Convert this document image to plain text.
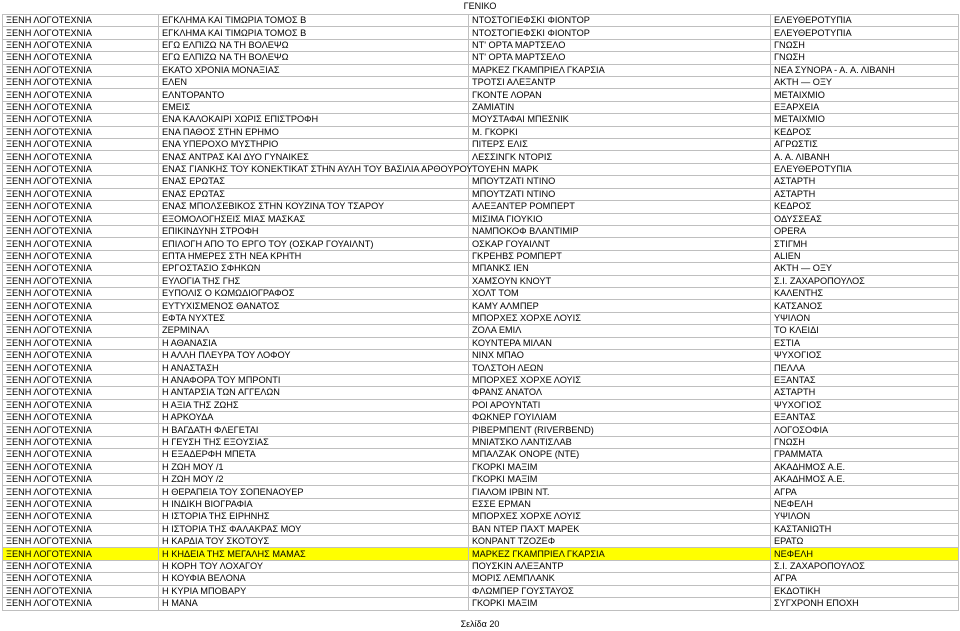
ΓΕΝΙΚΟ
ΞΕΝΗ ΛΟΓΟΤΕΧΝΙΑ	ΕΓΚΛΗΜΑ ΚΑΙ ΤΙΜΩΡΙΑ ΤΟΜΟΣ Β	ΝΤΟΣΤΟΓΙΕΦΣΚΙ ΦΙΟΝΤΟΡ	ΕΛΕΥΘΕΡΟΤΥΠΙΑ
ΞΕΝΗ ΛΟΓΟΤΕΧΝΙΑ	ΕΓΚΛΗΜΑ ΚΑΙ ΤΙΜΩΡΙΑ ΤΟΜΟΣ Β	ΝΤΟΣΤΟΓΙΕΦΣΚΙ ΦΙΟΝΤΟΡ	ΕΛΕΥΘΕΡΟΤΥΠΙΑ
ΞΕΝΗ ΛΟΓΟΤΕΧΝΙΑ	ΕΓΩ ΕΛΠΙΖΩ ΝΑ ΤΗ ΒΟΛΕΨΩ	ΝΤ' ΟΡΤΑ ΜΑΡΤΣΕΛΟ	ΓΝΩΣΗ
ΞΕΝΗ ΛΟΓΟΤΕΧΝΙΑ	ΕΓΩ ΕΛΠΙΖΩ ΝΑ ΤΗ ΒΟΛΕΨΩ	ΝΤ' ΟΡΤΑ ΜΑΡΤΣΕΛΟ	ΓΝΩΣΗ
ΞΕΝΗ ΛΟΓΟΤΕΧΝΙΑ	ΕΚΑΤΟ ΧΡΟΝΙΑ ΜΟΝΑΞΙΑΣ	ΜΑΡΚΕΖ ΓΚΑΜΠΡΙΕΛ ΓΚΑΡΣΙΑ	ΝΕΑ ΣΥΝΟΡΑ - Α. Α. ΛΙΒΑΝΗ
ΞΕΝΗ ΛΟΓΟΤΕΧΝΙΑ	ΕΛΕΝ	ΤΡΟΤΣΙ ΑΛΕΞΑΝΤΡ	ΑΚΤΗ — ΟΞΥ
ΞΕΝΗ ΛΟΓΟΤΕΧΝΙΑ	ΕΛΝΤΟΡΑΝΤΟ	ΓΚΟΝΤΕ ΛΟΡΑΝ	ΜΕΤΑΙΧΜΙΟ
ΞΕΝΗ ΛΟΓΟΤΕΧΝΙΑ	ΕΜΕΙΣ	ΖΑΜΙΑΤΙΝ	ΕΞΑΡΧΕΙΑ
ΞΕΝΗ ΛΟΓΟΤΕΧΝΙΑ	ΕΝΑ ΚΑΛΟΚΑΙΡΙ ΧΩΡΙΣ ΕΠΙΣΤΡΟΦΗ	ΜΟΥΣΤΑΦΑΙ ΜΠΕΣΝΙΚ	ΜΕΤΑΙΧΜΙΟ
ΞΕΝΗ ΛΟΓΟΤΕΧΝΙΑ	ΕΝΑ ΠΑΘΟΣ ΣΤΗΝ ΕΡΗΜΟ	Μ. ΓΚΟΡΚΙ	ΚΕΔΡΟΣ
ΞΕΝΗ ΛΟΓΟΤΕΧΝΙΑ	ΕΝΑ ΥΠΕΡΟΧΟ ΜΥΣΤΗΡΙΟ	ΠΙΤΕΡΣ ΕΛΙΣ	ΑΓΡΩΣΤΙΣ
ΞΕΝΗ ΛΟΓΟΤΕΧΝΙΑ	ΕΝΑΣ ΑΝΤΡΑΣ ΚΑΙ ΔΥΟ ΓΥΝΑΙΚΕΣ	ΛΕΣΣΙΝΓΚ ΝΤΟΡΙΣ	Α. Α. ΛΙΒΑΝΗ
ΞΕΝΗ ΛΟΓΟΤΕΧΝΙΑ	ΕΝΑΣ ΓΙΑΝΚΗΣ ΤΟΥ ΚΟΝΕΚΤΙΚΑΤ ΣΤΗΝ ΑΥΛΗ ΤΟΥ ΒΑΣΙΛΙΑ ΑΡΘΟΥΡΟΥ	ΤΟΥΕΗΝ ΜΑΡΚ	ΕΛΕΥΘΕΡΟΤΥΠΙΑ
ΞΕΝΗ ΛΟΓΟΤΕΧΝΙΑ	ΕΝΑΣ ΕΡΩΤΑΣ	ΜΠΟΥΤΖΑΤΙ ΝΤΙΝΟ	ΑΣΤΑΡΤΗ
ΞΕΝΗ ΛΟΓΟΤΕΧΝΙΑ	ΕΝΑΣ ΕΡΩΤΑΣ	ΜΠΟΥΤΖΑΤΙ ΝΤΙΝΟ	ΑΣΤΑΡΤΗ
ΞΕΝΗ ΛΟΓΟΤΕΧΝΙΑ	ΕΝΑΣ ΜΠΟΛΣΕΒΙΚΟΣ ΣΤΗΝ ΚΟΥΖΙΝΑ ΤΟΥ ΤΣΑΡΟΥ	ΑΛΕΞΑΝΤΕΡ ΡΟΜΠΕΡΤ	ΚΕΔΡΟΣ
ΞΕΝΗ ΛΟΓΟΤΕΧΝΙΑ	ΕΞΟΜΟΛΟΓΗΣΕΙΣ ΜΙΑΣ ΜΑΣΚΑΣ	ΜΙΣΙΜΑ ΓΙΟΥΚΙΟ	ΟΔΥΣΣΕΑΣ
ΞΕΝΗ ΛΟΓΟΤΕΧΝΙΑ	ΕΠΙΚΙΝΔΥΝΗ ΣΤΡΟΦΗ	ΝΑΜΠΟΚΟΦ ΒΛΑΝΤΙΜΙΡ	OPERA
ΞΕΝΗ ΛΟΓΟΤΕΧΝΙΑ	ΕΠΙΛΟΓΗ ΑΠΟ ΤΟ ΕΡΓΟ ΤΟΥ (ΟΣΚΑΡ ΓΟΥΑΙΛΝΤ)	ΟΣΚΑΡ ΓΟΥΑΙΛΝΤ	ΣΤΙΓΜΗ
ΞΕΝΗ ΛΟΓΟΤΕΧΝΙΑ	ΕΠΤΑ ΗΜΕΡΕΣ ΣΤΗ ΝΕΑ ΚΡΗΤΗ	ΓΚΡΕΗΒΣ ΡΟΜΠΕΡΤ	ALIEN
ΞΕΝΗ ΛΟΓΟΤΕΧΝΙΑ	ΕΡΓΟΣΤΑΣΙΟ ΣΦΗΚΩΝ	ΜΠΑΝΚΣ ΙΕΝ	ΑΚΤΗ — ΟΞΥ
ΞΕΝΗ ΛΟΓΟΤΕΧΝΙΑ	ΕΥΛΟΓΙΑ ΤΗΣ ΓΗΣ	ΧΑΜΣΟΥΝ ΚΝΟΥΤ	Σ.Ι. ΖΑΧΑΡΟΠΟΥΛΟΣ
ΞΕΝΗ ΛΟΓΟΤΕΧΝΙΑ	ΕΥΠΟΛΙΣ Ο ΚΩΜΩΔΙΟΓΡΑΦΟΣ	ΧΟΛΤ ΤΟΜ	ΚΑΛΕΝΤΗΣ
ΞΕΝΗ ΛΟΓΟΤΕΧΝΙΑ	ΕΥΤΥΧΙΣΜΕΝΟΣ ΘΑΝΑΤΟΣ	ΚΑΜΥ ΑΛΜΠΕΡ	ΚΑΤΣΑΝΟΣ
ΞΕΝΗ ΛΟΓΟΤΕΧΝΙΑ	ΕΦΤΑ ΝΥΧΤΕΣ	ΜΠΟΡΧΕΣ ΧΟΡΧΕ ΛΟΥΙΣ	ΥΨΙΛΟΝ
ΞΕΝΗ ΛΟΓΟΤΕΧΝΙΑ	ΖΕΡΜΙΝΑΛ	ΖΟΛΑ ΕΜΙΛ	ΤΟ ΚΛΕΙΔΙ
ΞΕΝΗ ΛΟΓΟΤΕΧΝΙΑ	Η ΑΘΑΝΑΣΙΑ	ΚΟΥΝΤΕΡΑ ΜΙΛΑΝ	ΕΣΤΙΑ
ΞΕΝΗ ΛΟΓΟΤΕΧΝΙΑ	Η ΑΛΛΗ ΠΛΕΥΡΑ ΤΟΥ ΛΟΦΟΥ	ΝΙΝΧ ΜΠΑΟ	ΨΥΧΟΓΙΟΣ
ΞΕΝΗ ΛΟΓΟΤΕΧΝΙΑ	Η ΑΝΑΣΤΑΣΗ	ΤΟΛΣΤΟΗ ΛΕΩΝ	ΠΕΛΛΑ
ΞΕΝΗ ΛΟΓΟΤΕΧΝΙΑ	Η ΑΝΑΦΟΡΑ ΤΟΥ ΜΠΡΟΝΤΙ	ΜΠΟΡΧΕΣ ΧΟΡΧΕ ΛΟΥΙΣ	ΕΞΑΝΤΑΣ
ΞΕΝΗ ΛΟΓΟΤΕΧΝΙΑ	Η ΑΝΤΑΡΣΙΑ ΤΩΝ ΑΓΓΕΛΩΝ	ΦΡΑΝΣ ΑΝΑΤΟΛ	ΑΣΤΑΡΤΗ
ΞΕΝΗ ΛΟΓΟΤΕΧΝΙΑ	Η ΑΞΙΑ ΤΗΣ ΖΩΗΣ	ΡΟΙ ΑΡΟΥΝΤΑΤΙ	ΨΥΧΟΓΙΟΣ
ΞΕΝΗ ΛΟΓΟΤΕΧΝΙΑ	Η ΑΡΚΟΥΔΑ	ΦΩΚΝΕΡ ΓΟΥΙΛΙΑΜ	ΕΞΑΝΤΑΣ
ΞΕΝΗ ΛΟΓΟΤΕΧΝΙΑ	Η ΒΑΓΔΑΤΗ ΦΛΕΓΕΤΑΙ	ΡΙΒΕΡΜΠΕΝΤ (RIVERBEND)	ΛΟΓΟΣΟΦΙΑ
ΞΕΝΗ ΛΟΓΟΤΕΧΝΙΑ	Η ΓΕΥΣΗ ΤΗΣ ΕΞΟΥΣΙΑΣ	ΜΝΙΑΤΣΚΟ ΛΑΝΤΙΣΛΑΒ	ΓΝΩΣΗ
ΞΕΝΗ ΛΟΓΟΤΕΧΝΙΑ	Η ΕΞΑΔΕΡΦΗ ΜΠΕΤΑ	ΜΠΑΛΖΑΚ ΟΝΟΡΕ (ΝΤΕ)	ΓΡΑΜΜΑΤΑ
ΞΕΝΗ ΛΟΓΟΤΕΧΝΙΑ	Η ΖΩΗ ΜΟΥ /1	ΓΚΟΡΚΙ ΜΑΞΙΜ	ΑΚΑΔΗΜΟΣ Α.Ε.
ΞΕΝΗ ΛΟΓΟΤΕΧΝΙΑ	Η ΖΩΗ ΜΟΥ /2	ΓΚΟΡΚΙ ΜΑΞΙΜ	ΑΚΑΔΗΜΟΣ Α.Ε.
ΞΕΝΗ ΛΟΓΟΤΕΧΝΙΑ	Η ΘΕΡΑΠΕΙΑ ΤΟΥ ΣΟΠΕΝΑΟΥΕΡ	ΓΙΑΛΟΜ ΙΡΒΙΝ ΝΤ.	ΑΓΡΑ
ΞΕΝΗ ΛΟΓΟΤΕΧΝΙΑ	Η ΙΝΔΙΚΗ ΒΙΟΓΡΑΦΙΑ	ΕΣΣΕ ΕΡΜΑΝ	ΝΕΦΕΛΗ
ΞΕΝΗ ΛΟΓΟΤΕΧΝΙΑ	Η ΙΣΤΟΡΙΑ ΤΗΣ ΕΙΡΗΝΗΣ	ΜΠΟΡΧΕΣ ΧΟΡΧΕ ΛΟΥΙΣ	ΥΨΙΛΟΝ
ΞΕΝΗ ΛΟΓΟΤΕΧΝΙΑ	Η ΙΣΤΟΡΙΑ ΤΗΣ ΦΑΛΑΚΡΑΣ ΜΟΥ	ΒΑΝ ΝΤΕΡ ΠΑΧΤ ΜΑΡΕΚ	ΚΑΣΤΑΝΙΩΤΗ
ΞΕΝΗ ΛΟΓΟΤΕΧΝΙΑ	Η ΚΑΡΔΙΑ ΤΟΥ ΣΚΟΤΟΥΣ	ΚΟΝΡΑΝΤ ΤΖΟΖΕΦ	ΕΡΑΤΩ
ΞΕΝΗ ΛΟΓΟΤΕΧΝΙΑ	Η ΚΗΔΕΙΑ ΤΗΣ ΜΕΓΑΛΗΣ ΜΑΜΑΣ	ΜΑΡΚΕΖ ΓΚΑΜΠΡΙΕΛ ΓΚΑΡΣΙΑ	ΝΕΦΕΛΗ
ΞΕΝΗ ΛΟΓΟΤΕΧΝΙΑ	Η ΚΟΡΗ ΤΟΥ ΛΟΧΑΓΟΥ	ΠΟΥΣΚΙΝ ΑΛΕΞΑΝΤΡ	Σ.Ι. ΖΑΧΑΡΟΠΟΥΛΟΣ
ΞΕΝΗ ΛΟΓΟΤΕΧΝΙΑ	Η ΚΟΥΦΙΑ ΒΕΛΟΝΑ	ΜΟΡΙΣ ΛΕΜΠΛΑΝΚ	ΑΓΡΑ
ΞΕΝΗ ΛΟΓΟΤΕΧΝΙΑ	Η ΚΥΡΙΑ ΜΠΟΒΑΡΥ	ΦΛΩΜΠΕΡ ΓΟΥΣΤΑΥΟΣ	ΕΚΔΟΤΙΚΗ
ΞΕΝΗ ΛΟΓΟΤΕΧΝΙΑ	Η ΜΑΝΑ	ΓΚΟΡΚΙ ΜΑΞΙΜ	ΣΥΓΧΡΟΝΗ ΕΠΟΧΗ
Σελίδα 20
